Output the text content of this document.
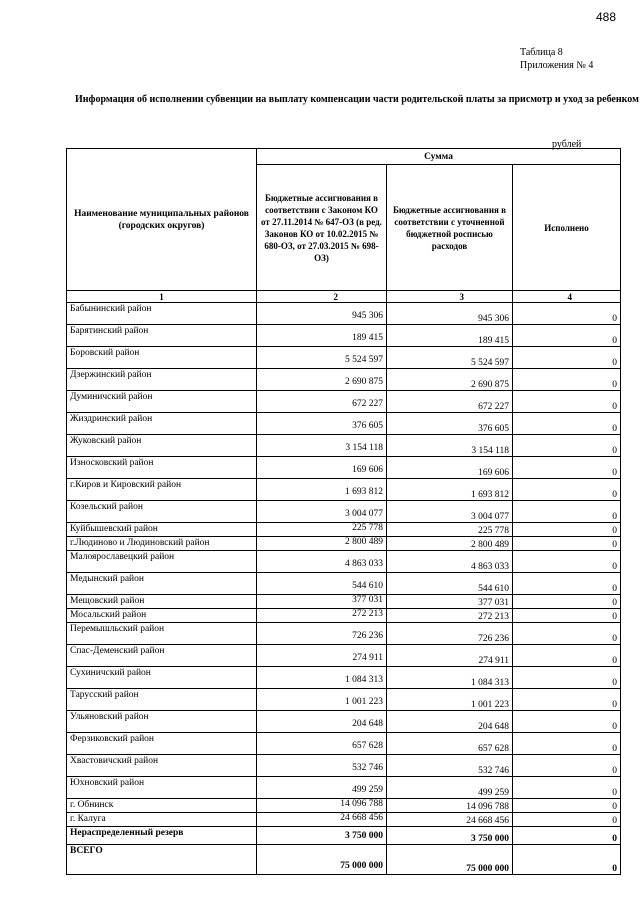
488
Таблица 8
Приложения № 4
Информация об исполнении субвенции на выплату компенсации части родительской платы за присмотр и уход за ребенком
рублей
Наименование муниципальных районов (городских округов)	Сумма		
	Бюджетные ассигнования в соответствии с Законом КО от 27.11.2014 № 647-ОЗ (в ред. Законов КО от 10.02.2015 № 680-ОЗ, от 27.03.2015 № 698-ОЗ)	Бюджетные ассигнования в соответствии с уточненной бюджетной росписью расходов	Исполнено
1	2	3	4
Бабынинский район	945 306	945 306	0
Барятинский район	189 415	189 415	0
Боровский район	5 524 597	5 524 597	0
Дзержинский район	2 690 875	2 690 875	0
Думиничский район	672 227	672 227	0
Жиздринский район	376 605	376 605	0
Жуковский район	3 154 118	3 154 118	0
Износковский район	169 606	169 606	0
г.Киров и Кировский район	1 693 812	1 693 812	0
Козельский район	3 004 077	3 004 077	0
Куйбышевский район	225 778	225 778	0
г.Людиново и Людиновский район	2 800 489	2 800 489	0
Малоярославецкий район	4 863 033	4 863 033	0
Медынский район	544 610	544 610	0
Мещовский район	377 031	377 031	0
Мосальский район	272 213	272 213	0
Перемышльский район	726 236	726 236	0
Спас-Деменский район	274 911	274 911	0
Сухиничский район	1 084 313	1 084 313	0
Тарусский район	1 001 223	1 001 223	0
Ульяновский район	204 648	204 648	0
Ферзиковский район	657 628	657 628	0
Хвастовичский район	532 746	532 746	0
Юхновский район	499 259	499 259	0
г. Обнинск	14 096 788	14 096 788	0
г. Калуга	24 668 456	24 668 456	0
Нераспределенный резерв	3 750 000	3 750 000	0
ВСЕГО	75 000 000	75 000 000	0
